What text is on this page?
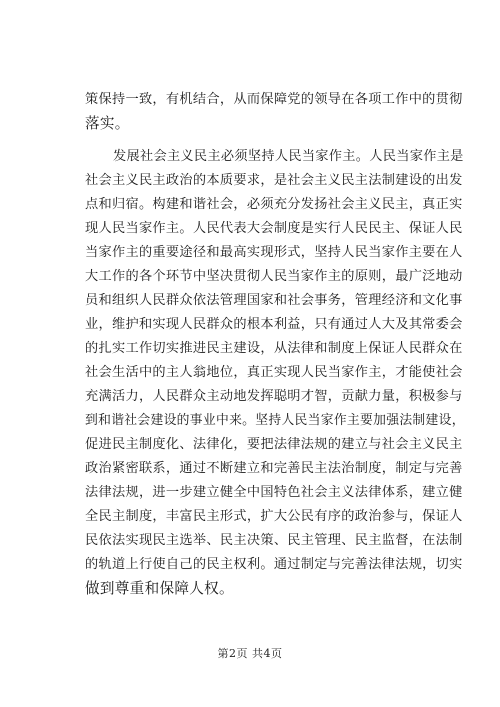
策保持一致，有机结合，从而保障党的领导在各项工作中的贯彻
落实。
发展社会主义民主必须坚持人民当家作主。人民当家作主是
社会主义民主政治的本质要求，是社会主义民主法制建设的出发
点和归宿。构建和谐社会，必须充分发扬社会主义民主，真正实
现人民当家作主。人民代表大会制度是实行人民民主、保证人民
当家作主的重要途径和最高实现形式，坚持人民当家作主要在人
大工作的各个环节中坚决贯彻人民当家作主的原则，最广泛地动
员和组织人民群众依法管理国家和社会事务，管理经济和文化事
业，维护和实现人民群众的根本利益，只有通过人大及其常委会
的扎实工作切实推进民主建设，从法律和制度上保证人民群众在
社会生活中的主人翁地位，真正实现人民当家作主，才能使社会
充满活力，人民群众主动地发挥聪明才智，贡献力量，积极参与
到和谐社会建设的事业中来。坚持人民当家作主要加强法制建设，
促进民主制度化、法律化，要把法律法规的建立与社会主义民主
政治紧密联系，通过不断建立和完善民主法治制度，制定与完善
法律法规，进一步建立健全中国特色社会主义法律体系，建立健
全民主制度，丰富民主形式，扩大公民有序的政治参与，保证人
民依法实现民主选举、民主决策、民主管理、民主监督，在法制
的轨道上行使自己的民主权利。通过制定与完善法律法规，切实
做到尊重和保障人权。
第2页 共4页
